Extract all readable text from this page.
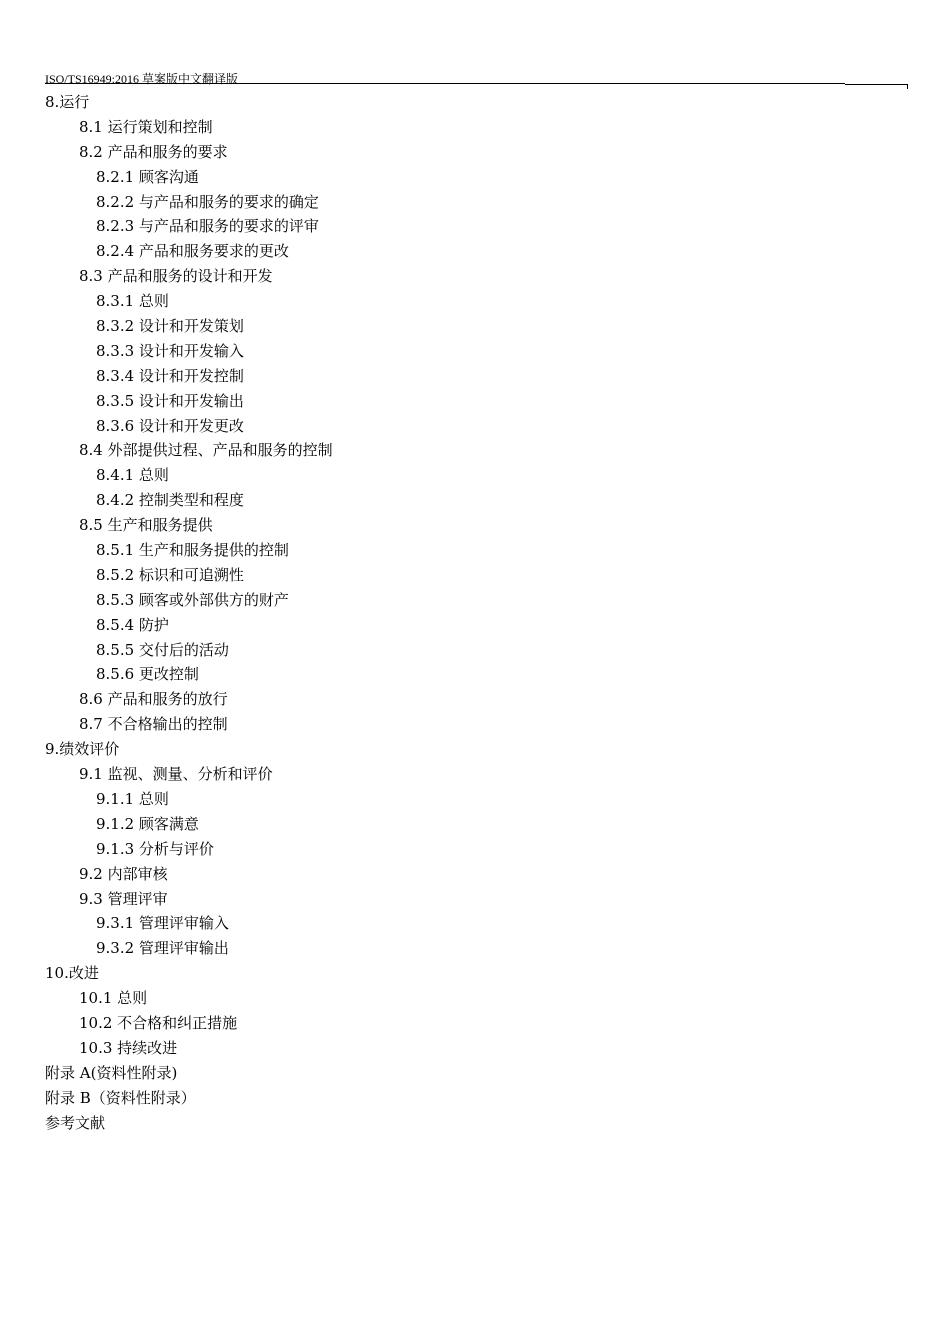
ISO/TS16949:2016 草案版中文翻译版
8.运行
8.1 运行策划和控制
8.2 产品和服务的要求
8.2.1 顾客沟通
8.2.2 与产品和服务的要求的确定
8.2.3 与产品和服务的要求的评审
8.2.4 产品和服务要求的更改
8.3 产品和服务的设计和开发
8.3.1 总则
8.3.2 设计和开发策划
8.3.3 设计和开发输入
8.3.4 设计和开发控制
8.3.5 设计和开发输出
8.3.6 设计和开发更改
8.4 外部提供过程、产品和服务的控制
8.4.1 总则
8.4.2 控制类型和程度
8.5 生产和服务提供
8.5.1 生产和服务提供的控制
8.5.2 标识和可追溯性
8.5.3 顾客或外部供方的财产
8.5.4 防护
8.5.5 交付后的活动
8.5.6 更改控制
8.6 产品和服务的放行
8.7 不合格输出的控制
9.绩效评价
9.1 监视、测量、分析和评价
9.1.1 总则
9.1.2 顾客满意
9.1.3 分析与评价
9.2 内部审核
9.3 管理评审
9.3.1 管理评审输入
9.3.2 管理评审输出
10.改进
10.1 总则
10.2 不合格和纠正措施
10.3 持续改进
附录 A(资料性附录)
附录 B（资料性附录）
参考文献
